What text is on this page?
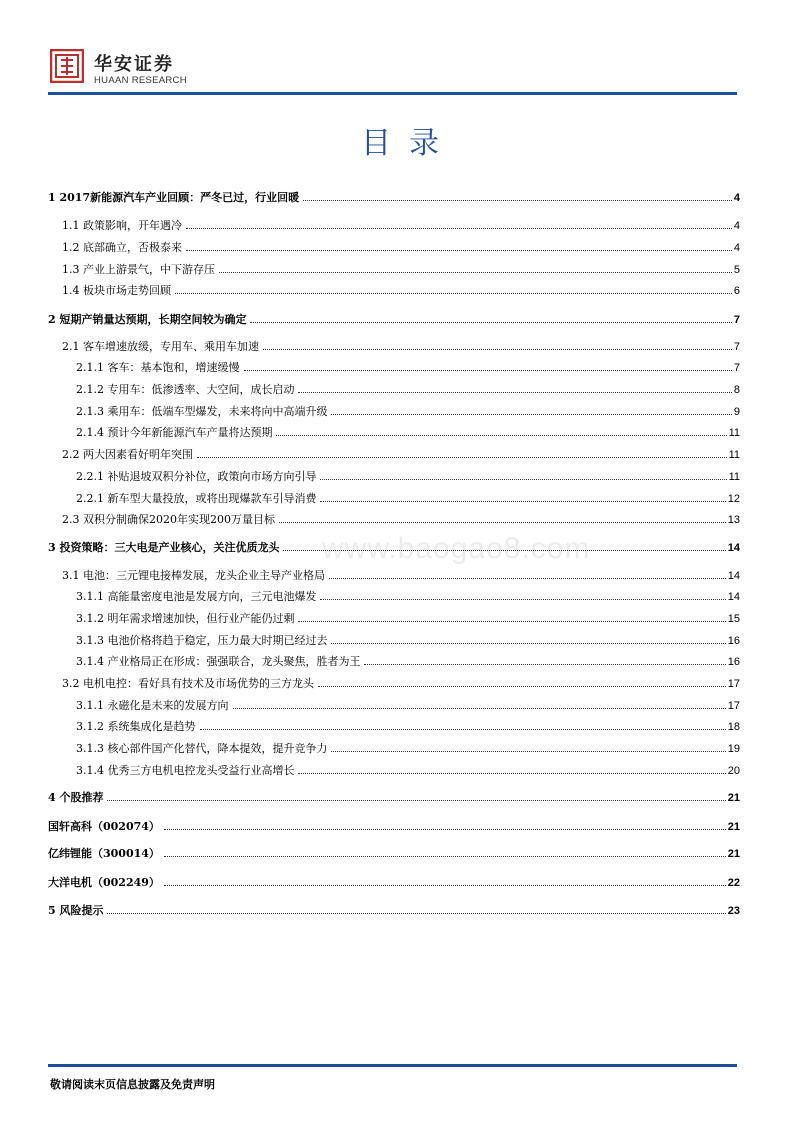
华安证券
HUAAN RESEARCH
目录
www.baogao8.com
1 2017新能源汽车产业回顾：严冬已过，行业回暖	4
1.1 政策影响，开年遇冷	4
1.2 底部确立，否极泰来	4
1.3 产业上游景气，中下游存压	5
1.4 板块市场走势回顾	6
2 短期产销量达预期，长期空间较为确定	7
2.1 客车增速放缓，专用车、乘用车加速	7
2.1.1 客车：基本饱和，增速缓慢	7
2.1.2 专用车：低渗透率、大空间，成长启动	8
2.1.3 乘用车：低端车型爆发，未来将向中高端升级	9
2.1.4 预计今年新能源汽车产量将达预期	11
2.2 两大因素看好明年突围	11
2.2.1 补贴退坡双积分补位，政策向市场方向引导	11
2.2.1 新车型大量投放，或将出现爆款车引导消费	12
2.3 双积分制确保2020年实现200万量目标	13
3 投资策略：三大电是产业核心，关注优质龙头	14
3.1 电池：三元锂电接棒发展，龙头企业主导产业格局	14
3.1.1 高能量密度电池是发展方向，三元电池爆发	14
3.1.2 明年需求增速加快，但行业产能仍过剩	15
3.1.3 电池价格将趋于稳定，压力最大时期已经过去	16
3.1.4 产业格局正在形成：强强联合，龙头聚焦，胜者为王	16
3.2 电机电控：看好具有技术及市场优势的三方龙头	17
3.1.1 永磁化是未来的发展方向	17
3.1.2 系统集成化是趋势	18
3.1.3 核心部件国产化替代，降本提效，提升竞争力	19
3.1.4 优秀三方电机电控龙头受益行业高增长	20
4 个股推荐	21
国轩高科（002074）	21
亿纬锂能（300014）	21
大洋电机（002249）	22
5 风险提示	23
敬请阅读末页信息披露及免责声明
